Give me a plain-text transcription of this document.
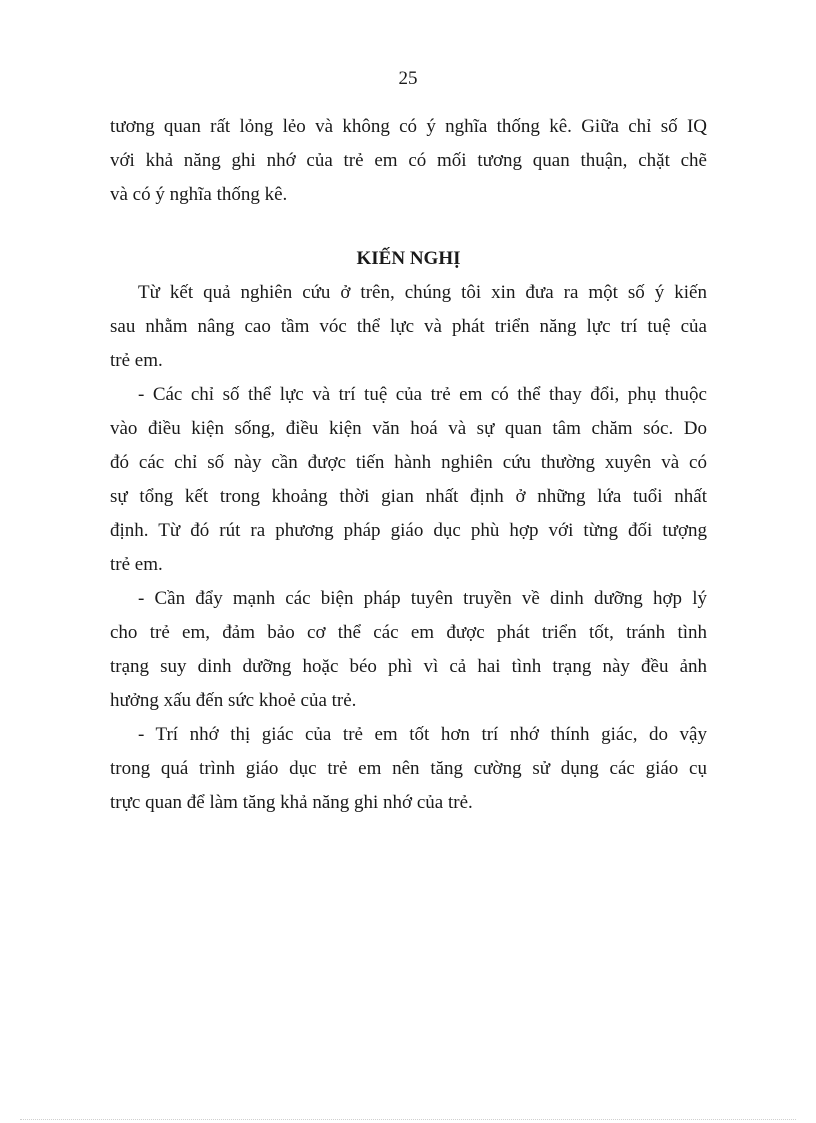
25
tương quan rất lỏng lẻo và không có ý nghĩa thống kê. Giữa chỉ số IQ
với khả năng ghi nhớ của trẻ em có mối tương quan thuận, chặt chẽ
và có ý nghĩa thống kê.
KIẾN NGHỊ
Từ kết quả nghiên cứu ở trên, chúng tôi xin đưa ra một số ý kiến
sau nhằm nâng cao tầm vóc thể lực và phát triển năng lực trí tuệ của
trẻ em.
- Các chỉ số thể lực và trí tuệ của trẻ em có thể thay đổi, phụ thuộc
vào điều kiện sống, điều kiện văn hoá và sự quan tâm chăm sóc. Do
đó các chỉ số này cần được tiến hành nghiên cứu thường xuyên và có
sự tổng kết trong khoảng thời gian nhất định ở những lứa tuổi nhất
định. Từ đó rút ra phương pháp giáo dục phù hợp với từng đối tượng
trẻ em.
- Cần đẩy mạnh các biện pháp tuyên truyền về dinh dưỡng hợp lý
cho trẻ em, đảm bảo cơ thể các em được phát triển tốt, tránh tình
trạng suy dinh dưỡng hoặc béo phì vì cả hai tình trạng này đều ảnh
hưởng xấu đến sức khoẻ của trẻ.
- Trí nhớ thị giác của trẻ em tốt hơn trí nhớ thính giác, do vậy
trong quá trình giáo dục trẻ em nên tăng cường sử dụng các giáo cụ
trực quan để làm tăng khả năng ghi nhớ của trẻ.
